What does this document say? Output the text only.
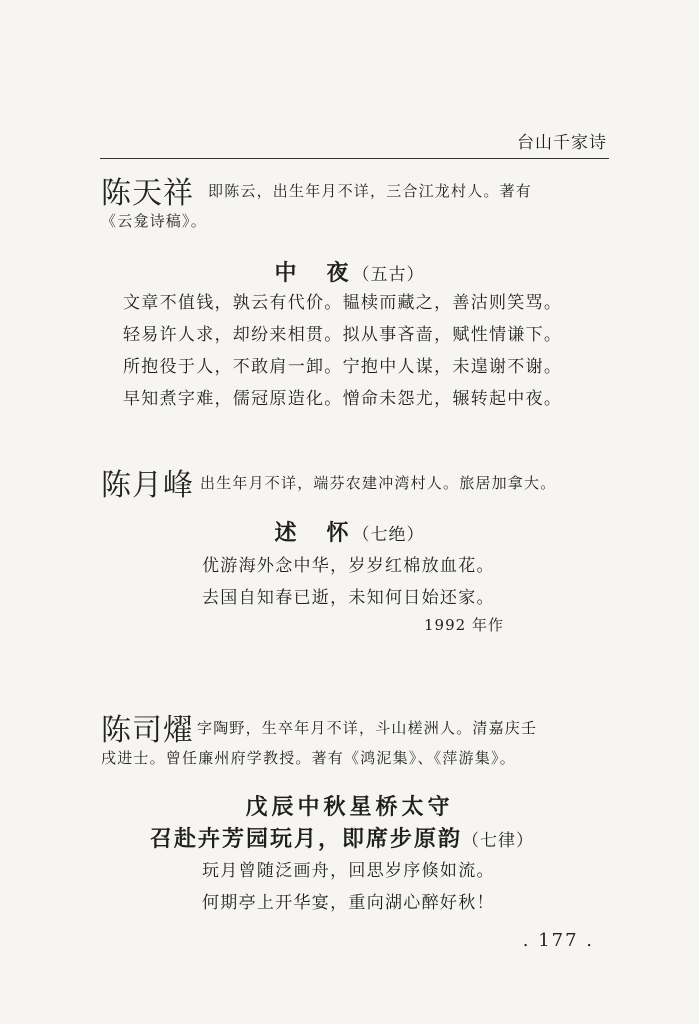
台山千家诗
陈天祥 即陈云，出生年月不详，三合江龙村人。著有
《云龛诗稿》。
中　夜（五古）
文章不值钱，孰云有代价。韫椟而藏之，善沽则笑骂。
轻易许人求，却纷来相贯。拟从事吝啬，赋性情谦下。
所抱役于人，不敢肩一卸。宁抱中人谋，未遑谢不谢。
早知煮字难，儒冠原造化。憎命未怨尤，辗转起中夜。
陈月峰 出生年月不详，端芬农建冲湾村人。旅居加拿大。
述　怀（七绝）
优游海外念中华，岁岁红棉放血花。
去国自知春已逝，未知何日始还家。
1992 年作
陈司燿 字陶野，生卒年月不详，斗山槎洲人。清嘉庆壬
戌进士。曾任廉州府学教授。著有《鸿泥集》、《萍游集》。
戊辰中秋星桥太守
召赴卉芳园玩月，即席步原韵（七律）
玩月曾随泛画舟，回思岁序倏如流。
何期亭上开华宴，重向湖心醉好秋！
. 177 .
